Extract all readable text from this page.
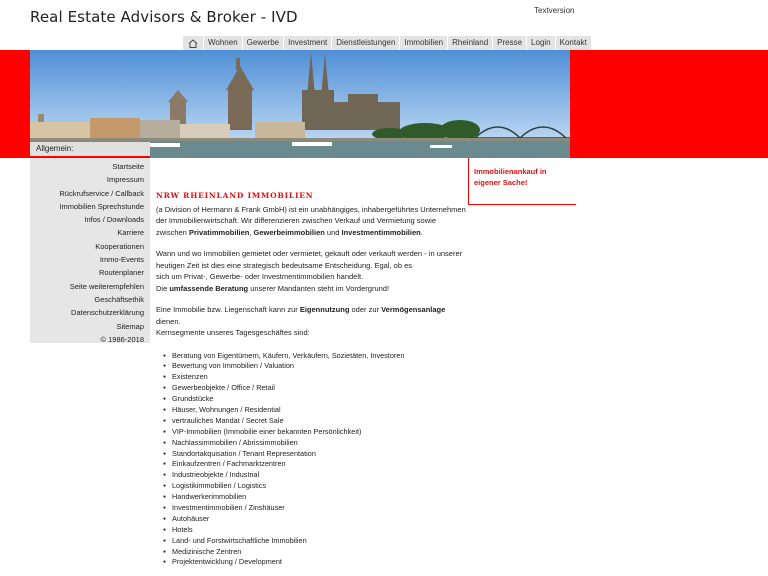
Real Estate Advisors & Broker - IVD	Textversion
Wohnen	Gewerbe	Investment	Dienstleistungen	Immobilien	Rheinland	Presse	Login	Kontakt
Allgemein:
Startseite
Impressum
Rückrufservice / Callback
Immobilien Sprechstunde
Infos / Downloads
Karriere
Kooperationen
Immo-Events
Routenplaner
Seite weiterempfehlen
Geschäftsethik
Datenschutzerklärung
Sitemap
© 1986-2018
Immobilienankauf in
eigener Sache!
NRW RHEINLAND IMMOBILIEN

(a Division of Hermann & Frank GmbH) ist ein unabhängiges, inhabergeführtes Unternehmen der Immobilienwirtschaft. Wir differenzieren zwischen Verkauf und Vermietung sowie zwischen Privatimmobilien, Gewerbeimmobilien und Investmentimmobilien.

Wann und wo Immobilien gemietet oder vermietet, gekauft oder verkauft werden - in unserer heutigen Zeit ist dies eine strategisch bedeutsame Entscheidung. Egal, ob es
sich um Privat-, Gewerbe- oder Investmentimmobilien handelt.
Die umfassende Beratung unserer Mandanten steht im Vordergrund!

Eine Immobilie bzw. Liegenschaft kann zur Eigennutzung oder zur Vermögensanlage dienen.
Kernsegmente unseres Tagesgeschäftes sind:

● Beratung von Eigentümern, Käufern, Verkäufern, Sozietäten, Investoren
● Bewertung von Immobilien / Valuation
● Existenzen
● Gewerbeobjekte / Office / Retail
● Grundstücke
● Häuser, Wohnungen / Residential
● vertrauliches Mandat / Secret Sale
● VIP-Immobilien (Immobilie einer bekannten Persönlichkeit)
● Nachlassimmobilien / Abrissimmobilien
● Standortakquisation / Tenant Representation
● Einkaufzentren / Fachmarktzentren
● Industrieobjekte / Industrial
● Logistikimmobilien / Logistics
● Handwerkerimmobilien
● Investmentimmobilien / Zinshäuser
● Autohäuser
● Hotels
● Land- und Forstwirtschaftliche Immobilien
● Medizinische Zentren
● Projektentwicklung / Development
